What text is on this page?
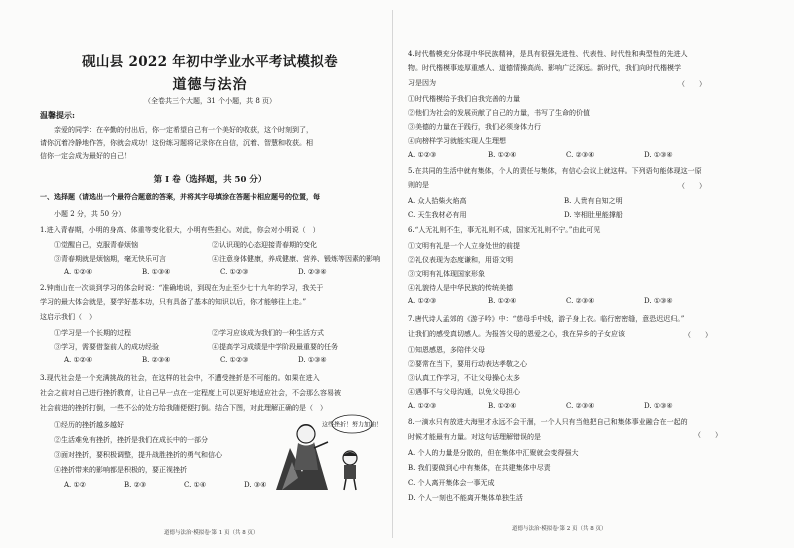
砚山县 2022 年初中学业水平考试模拟卷
道德与法治
（全卷共三个大题，31 个小题，共 8 页）
温馨提示:
亲爱的同学：在辛勤的付出后，你一定希望自己有一个美好的收获，这个时刻到了，
请你沉着冷静地作答，你就会成功！这份练习题将记录你在自信，沉着、智慧和收获。相
信你一定会成为最好的自己！
第 I 卷（选择题，共 50 分）
一、选择题（请选出一个最符合题意的答案，并将其字母填涂在答题卡相应题号的位置，每
小题 2 分，共 50 分）
1.进入青春期，小明的身高、体重等变化很大，小明有些担心。对此，你会对小明说（　）
①觉醒自己，克服青春烦恼	②认识现的心态迎接青春期的变化
③青春期就是烦恼期，毫无快乐可言	④注意身体健康，养成健康、营养、锻炼等因素的影响
A. ①②④	B. ①③④	C. ①②③	D. ②③④
2.钟南山在一次谈到学习的体会时说：“准确地说，到现在为止至少七十九年的学习，我关于
学习的最大体会就是，要学好基本功，只有具备了基本的知识以后，你才能够往上走。”
这启示我们（　）
①学习是一个长期的过程	②学习应该成为我们的一种生活方式
③学习，需要借鉴前人的成功经验	④提高学习成绩是中学阶段最重要的任务
A. ①②④	B. ②③④	C. ①②③	D. ①③④
3.现代社会是一个充满挑战的社会，在这样的社会中，不遭受挫折是不可能的。如果在进入
社会之前对自己进行挫折教育，让自己早一点在一定程度上可以更好地适应社会，不会那么容易被
社会前进的挫折打倒，一些不公的处方给我随便便打倒。结合下图，对此理解正确的是（　）
①经历的挫折越多越好
②生活难免有挫折，挫折是我们在成长中的一部分
③面对挫折，要积极调整，提升战胜挫折的勇气和信心
④挫折带来的影响都是积极的，要正视挫折
A. ①②	B. ②③	C. ①④	D. ③④
这些挫折！努力加油！
道德与法治·模拟卷·第 1 页（共 8 页）
4.时代楷模充分体现中华民族精神，是具有很强先进性、代表性、时代性和典型性的先进人
物。时代楷模事迹厚重感人、道德情操高尚、影响广泛深远。新时代，我们向时代楷模学
习是因为	（　　）
①时代楷模给予我们自我完善的力量
②他们为社会的发展贡献了自己的力量，书写了生命的价值
③美德的力量在于践行，我们必须身体力行
④向榜样学习就能实现人生理想
A. ①②③	B. ①②④	C. ②③④	D. ①③④
5.在共同的生活中就有集体，个人的责任与集体，有信心会议上就这样。下列语句能体现这一原
则的是	（　　）
A. 众人拾柴火焰高	B. 人贵有自知之明
C. 天生我材必有用	D. 宰相肚里能撑船
6.“人无礼则不生，事无礼则不成，国家无礼则不宁。”由此可见
①文明有礼是一个人立身处世的前提
②礼仪表现为态度谦和，用语文明
③文明有礼体现国家形象
④礼貌待人是中华民族的传统美德
A. ①②③	B. ①②④	C. ②③④	D. ①③④
7.唐代诗人孟郊的《游子吟》中：“慈母手中线，游子身上衣。临行密密缝，意恐迟迟归。”
让我们的感受真切感人。为报答父母的恩爱之心，我在异乡的子女应该	（　　）
①知恩感恩，多陪伴父母
②要常在当下，要用行动表达孝敬之心
③认真工作学习，不让父母操心太多
④遇事不与父母沟通，以免父母担心
A. ①②③	B. ①②④	C. ②③④	D. ①③④
8.一滴水只有放进大海里才永远不会干涸，一个人只有当他把自己和集体事业融合在一起的
时候才能最有力量。对这句话理解错误的是	（　　）
A. 个人的力量是分散的，但在集体中汇聚就会变得强大
B. 我们要做到心中有集体，在共建集体中尽责
C. 个人离开集体会一事无成
D. 个人一刻也不能离开集体单独生活
道德与法治·模拟卷·第 2 页（共 8 页）
